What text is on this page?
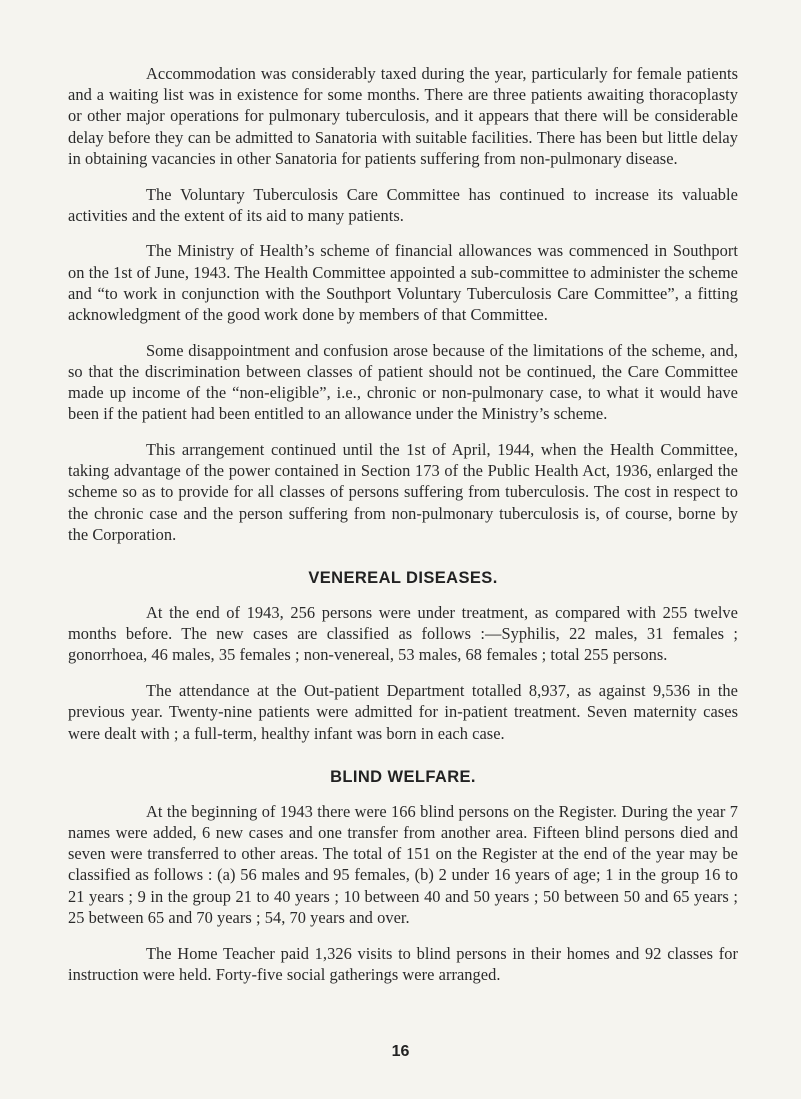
Accommodation was considerably taxed during the year, particularly for female patients and a waiting list was in existence for some months. There are three patients awaiting thoracoplasty or other major operations for pulmonary tuberculosis, and it appears that there will be considerable delay before they can be admitted to Sanatoria with suitable facilities. There has been but little delay in obtaining vacancies in other Sanatoria for patients suffering from non-pulmonary disease.

The Voluntary Tuberculosis Care Committee has continued to increase its valuable activities and the extent of its aid to many patients.

The Ministry of Health’s scheme of financial allowances was commenced in Southport on the 1st of June, 1943. The Health Committee appointed a sub-committee to administer the scheme and “to work in conjunction with the Southport Voluntary Tuberculosis Care Committee”, a fitting acknowledgment of the good work done by members of that Committee.

Some disappointment and confusion arose because of the limitations of the scheme, and, so that the discrimination between classes of patient should not be continued, the Care Committee made up income of the “non-eligible”, i.e., chronic or non-pulmonary case, to what it would have been if the patient had been entitled to an allowance under the Ministry’s scheme.

This arrangement continued until the 1st of April, 1944, when the Health Committee, taking advantage of the power contained in Section 173 of the Public Health Act, 1936, enlarged the scheme so as to provide for all classes of persons suffering from tuberculosis. The cost in respect to the chronic case and the person suffering from non-pulmonary tuberculosis is, of course, borne by the Corporation.

VENEREAL DISEASES.

At the end of 1943, 256 persons were under treatment, as compared with 255 twelve months before. The new cases are classified as follows :—Syphilis, 22 males, 31 females ; gonorrhoea, 46 males, 35 females ; non-venereal, 53 males, 68 females ; total 255 persons.

The attendance at the Out-patient Department totalled 8,937, as against 9,536 in the previous year. Twenty-nine patients were admitted for in-patient treatment. Seven maternity cases were dealt with ; a full-term, healthy infant was born in each case.

BLIND WELFARE.

At the beginning of 1943 there were 166 blind persons on the Register. During the year 7 names were added, 6 new cases and one transfer from another area. Fifteen blind persons died and seven were transferred to other areas. The total of 151 on the Register at the end of the year may be classified as follows : (a) 56 males and 95 females, (b) 2 under 16 years of age; 1 in the group 16 to 21 years ; 9 in the group 21 to 40 years ; 10 between 40 and 50 years ; 50 between 50 and 65 years ; 25 between 65 and 70 years ; 54, 70 years and over.

The Home Teacher paid 1,326 visits to blind persons in their homes and 92 classes for instruction were held. Forty-five social gatherings were arranged.

16
